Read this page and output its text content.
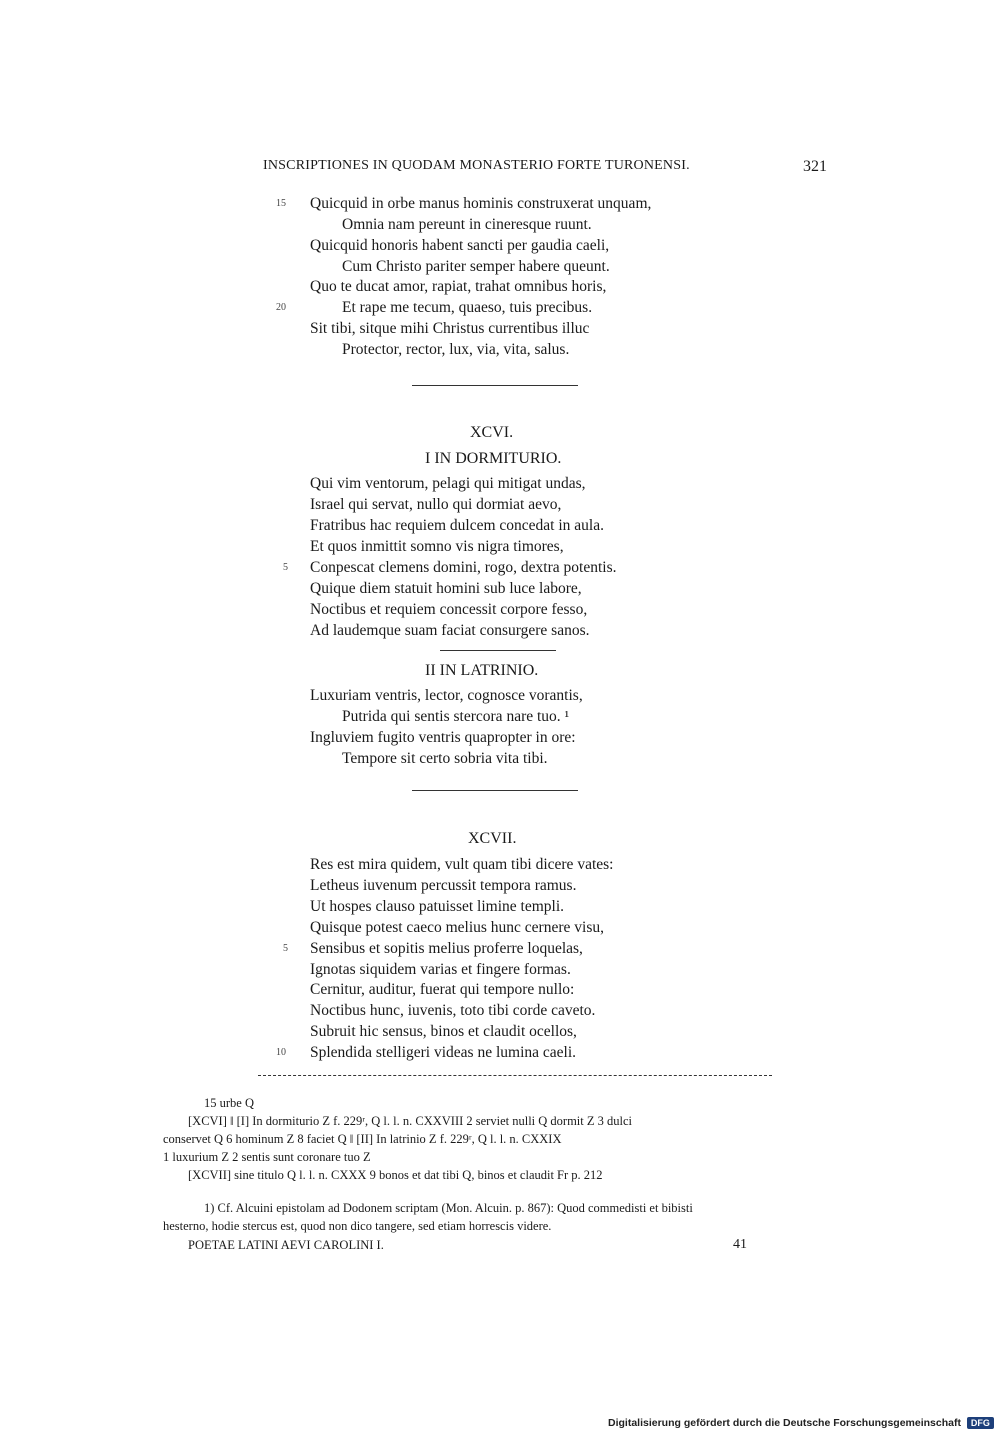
INSCRIPTIONES IN QUODAM MONASTERIO FORTE TURONENSI.	321
15 Quicquid in orbe manus hominis construxerat unquam,
Omnia nam pereunt in cineresque ruunt.
Quicquid honoris habent sancti per gaudia caeli,
Cum Christo pariter semper habere queunt.
Quo te ducat amor, rapiat, trahat omnibus horis,
20	Et rape me tecum, quaeso, tuis precibus.
Sit tibi, sitque mihi Christus currentibus illuc
Protector, rector, lux, via, vita, salus.
XCVI.
I IN DORMITURIO.
Qui vim ventorum, pelagi qui mitigat undas,
Israel qui servat, nullo qui dormiat aevo,
Fratribus hac requiem dulcem concedat in aula.
Et quos inmittit somno vis nigra timores,
5 Conpescat clemens domini, rogo, dextra potentis.
Quique diem statuit homini sub luce labore,
Noctibus et requiem concessit corpore fesso,
Ad laudemque suam faciat consurgere sanos.
II IN LATRINIO.
Luxuriam ventris, lector, cognosce vorantis,
Putrida qui sentis stercora nare tuo. ¹
Ingluviem fugito ventris quapropter in ore:
Tempore sit certo sobria vita tibi.
XCVII.
Res est mira quidem, vult quam tibi dicere vates:
Letheus iuvenum percussit tempora ramus.
Ut hospes clauso patuisset limine templi.
Quisque potest caeco melius hunc cernere visu,
5 Sensibus et sopitis melius proferre loquelas,
Ignotas siquidem varias et fingere formas.
Cernitur, auditur, fuerat qui tempore nullo:
Noctibus hunc, iuvenis, toto tibi corde caveto.
Subruit hic sensus, binos et claudit ocellos,
10 Splendida stelligeri videas ne lumina caeli.
15 urbe Q
[XCVI] ‖ [I] In dormiturio Z f. 229ʳ, Q l. l. n. CXXVIII 2 serviet nulli Q dormit Z 3 dulci
conservet Q 6 hominum Z 8 faciet Q ‖ [II] In latrinio Z f. 229ʳ, Q l. l. n. CXXIX
1 luxurium Z 2 sentis sunt coronare tuo Z
[XCVII] sine titulo Q l. l. n. CXXX 9 bonos et dat tibi Q, binos et claudit Fr p. 212
1) Cf. Alcuini epistolam ad Dodonem scriptam (Mon. Alcuin. p. 867): Quod commedisti et bibisti
hesterno, hodie stercus est, quod non dico tangere, sed etiam horrescis videre.
POETAE LATINI AEVI CAROLINI I.	41
Digitalisierung gefördert durch die Deutsche Forschungsgemeinschaft DFG
